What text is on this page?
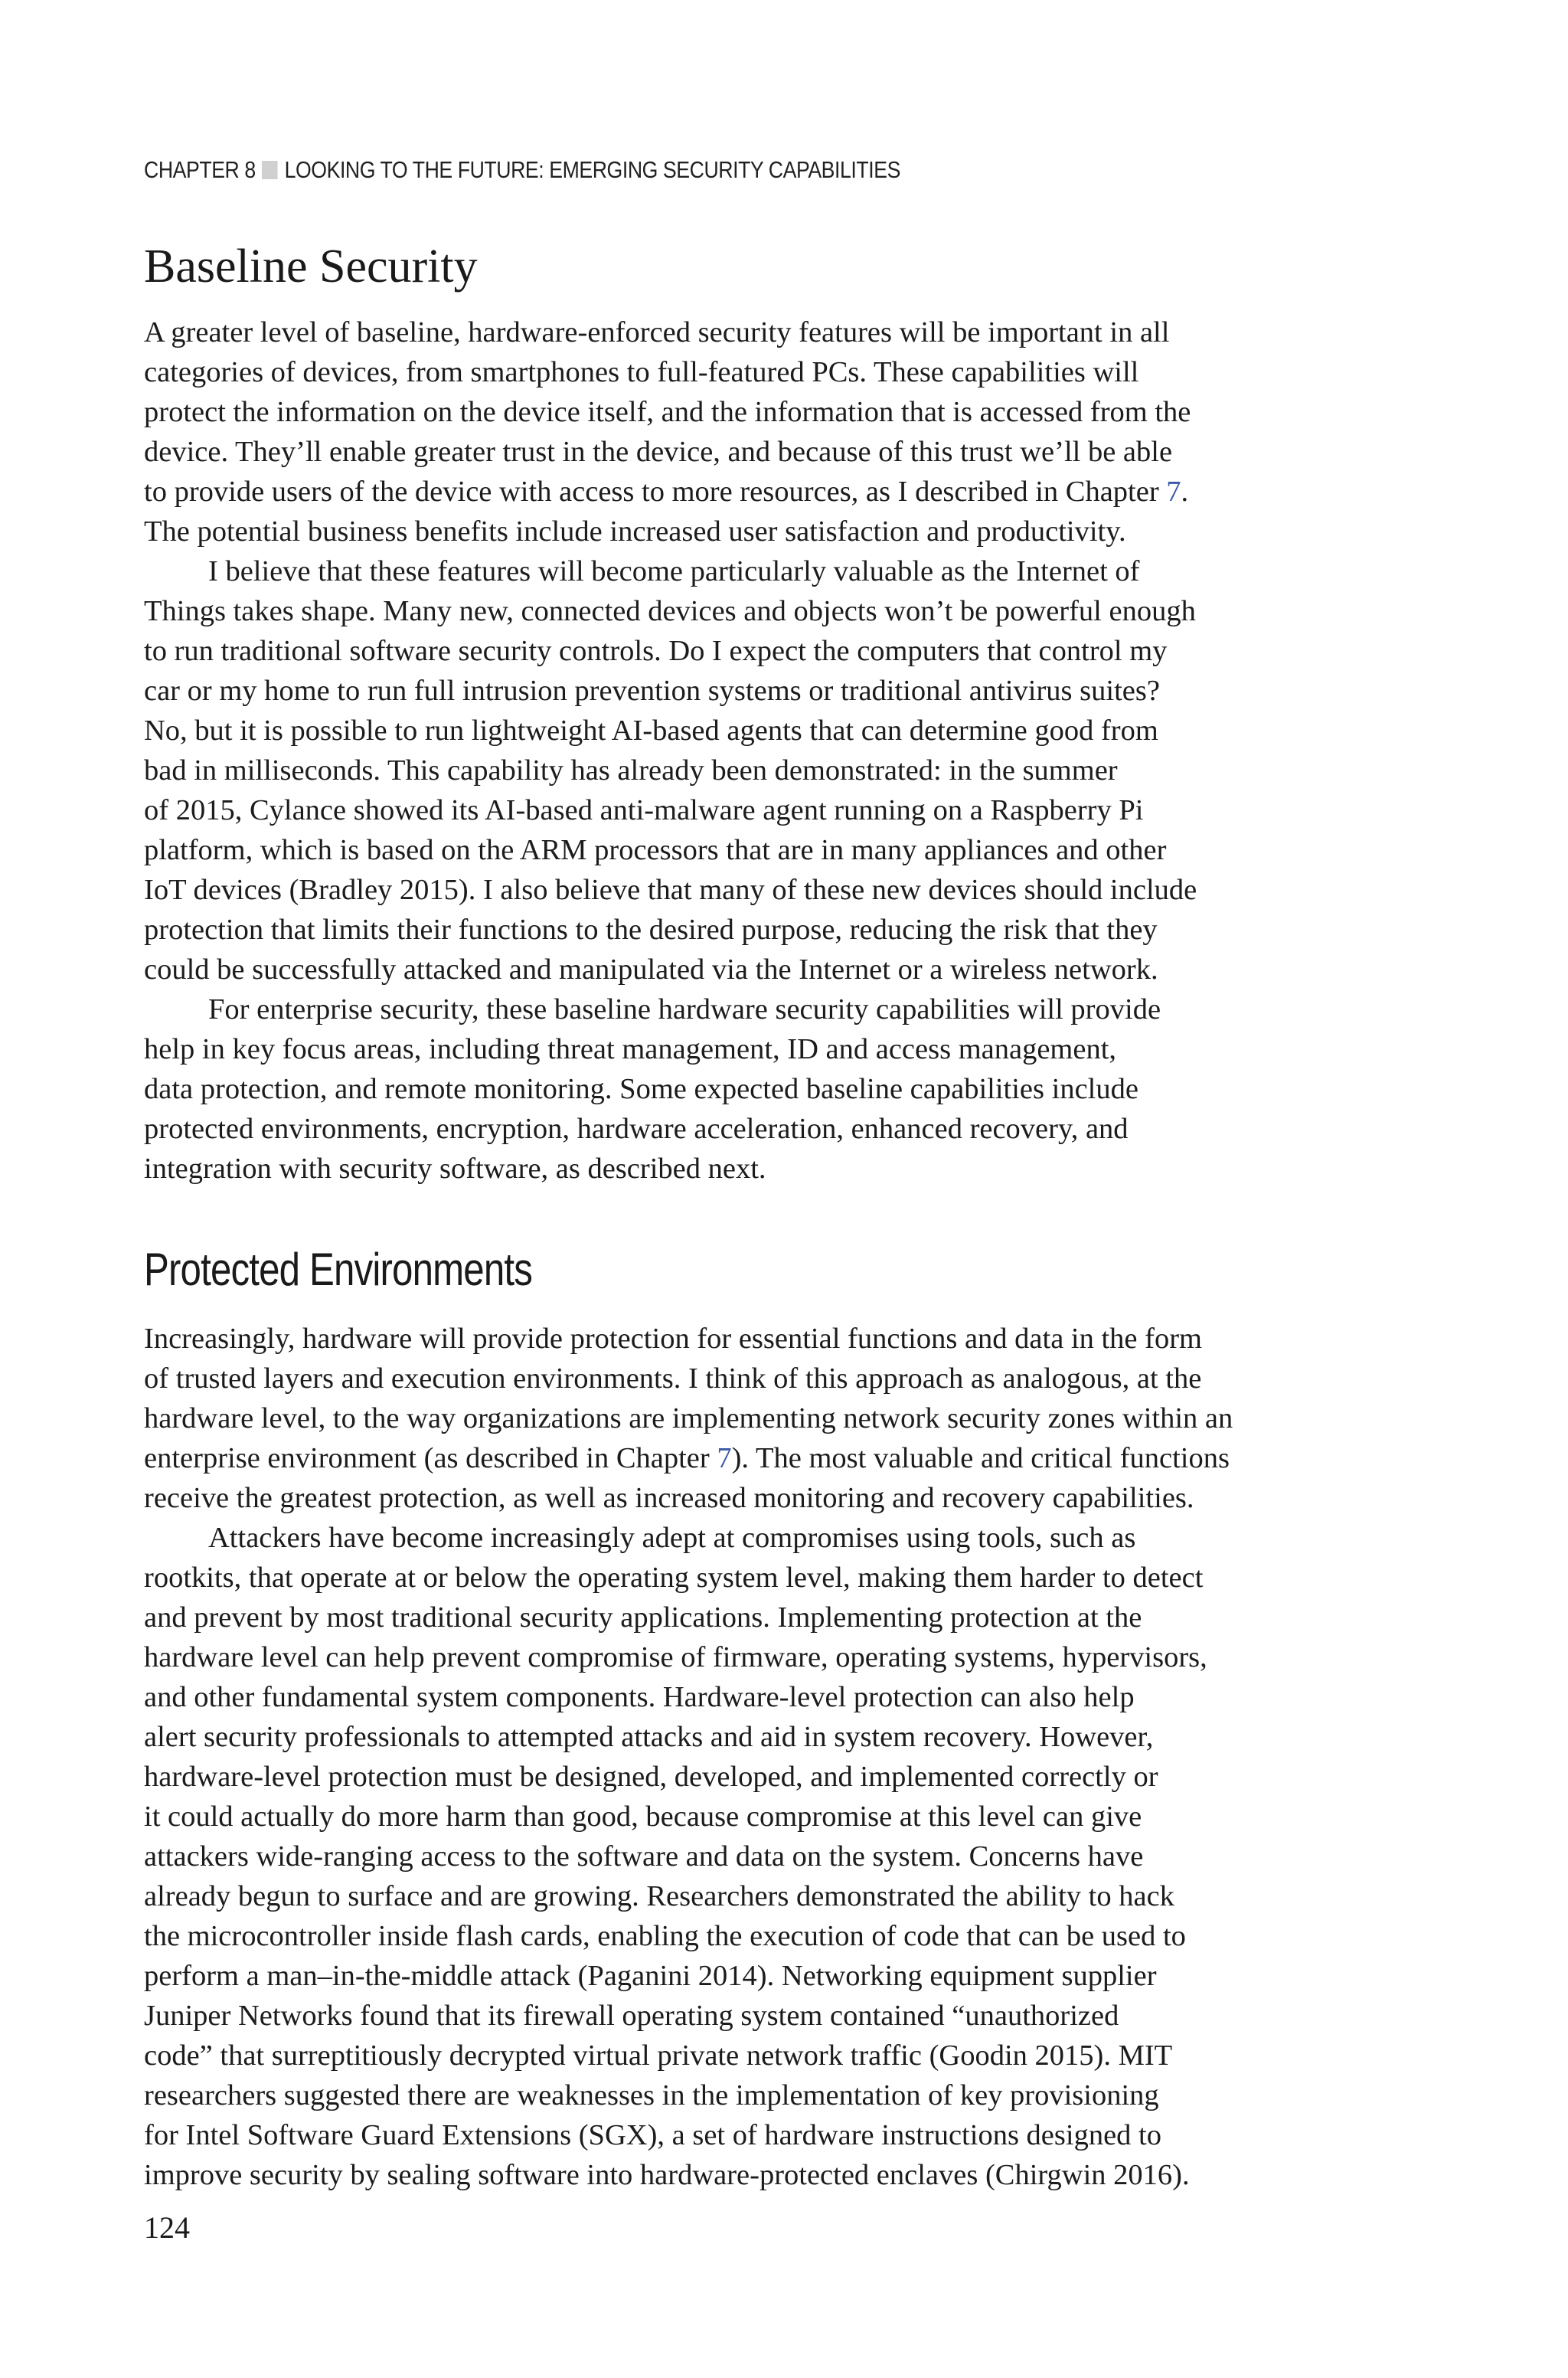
CHAPTER 8 LOOKING TO THE FUTURE: EMERGING SECURITY CAPABILITIES
Baseline Security

A greater level of baseline, hardware-enforced security features will be important in all
categories of devices, from smartphones to full-featured PCs. These capabilities will
protect the information on the device itself, and the information that is accessed from the
device. They’ll enable greater trust in the device, and because of this trust we’ll be able
to provide users of the device with access to more resources, as I described in Chapter 7.
The potential business benefits include increased user satisfaction and productivity.

I believe that these features will become particularly valuable as the Internet of
Things takes shape. Many new, connected devices and objects won’t be powerful enough
to run traditional software security controls. Do I expect the computers that control my
car or my home to run full intrusion prevention systems or traditional antivirus suites?
No, but it is possible to run lightweight AI-based agents that can determine good from
bad in milliseconds. This capability has already been demonstrated: in the summer
of 2015, Cylance showed its AI-based anti-malware agent running on a Raspberry Pi
platform, which is based on the ARM processors that are in many appliances and other
IoT devices (Bradley 2015). I also believe that many of these new devices should include
protection that limits their functions to the desired purpose, reducing the risk that they
could be successfully attacked and manipulated via the Internet or a wireless network.

For enterprise security, these baseline hardware security capabilities will provide
help in key focus areas, including threat management, ID and access management,
data protection, and remote monitoring. Some expected baseline capabilities include
protected environments, encryption, hardware acceleration, enhanced recovery, and
integration with security software, as described next.

Protected Environments

Increasingly, hardware will provide protection for essential functions and data in the form
of trusted layers and execution environments. I think of this approach as analogous, at the
hardware level, to the way organizations are implementing network security zones within an
enterprise environment (as described in Chapter 7). The most valuable and critical functions
receive the greatest protection, as well as increased monitoring and recovery capabilities.

Attackers have become increasingly adept at compromises using tools, such as
rootkits, that operate at or below the operating system level, making them harder to detect
and prevent by most traditional security applications. Implementing protection at the
hardware level can help prevent compromise of firmware, operating systems, hypervisors,
and other fundamental system components. Hardware-level protection can also help
alert security professionals to attempted attacks and aid in system recovery. However,
hardware-level protection must be designed, developed, and implemented correctly or
it could actually do more harm than good, because compromise at this level can give
attackers wide-ranging access to the software and data on the system. Concerns have
already begun to surface and are growing. Researchers demonstrated the ability to hack
the microcontroller inside flash cards, enabling the execution of code that can be used to
perform a man–in-the-middle attack (Paganini 2014). Networking equipment supplier
Juniper Networks found that its firewall operating system contained “unauthorized
code” that surreptitiously decrypted virtual private network traffic (Goodin 2015). MIT
researchers suggested there are weaknesses in the implementation of key provisioning
for Intel Software Guard Extensions (SGX), a set of hardware instructions designed to
improve security by sealing software into hardware-protected enclaves (Chirgwin 2016).

124
